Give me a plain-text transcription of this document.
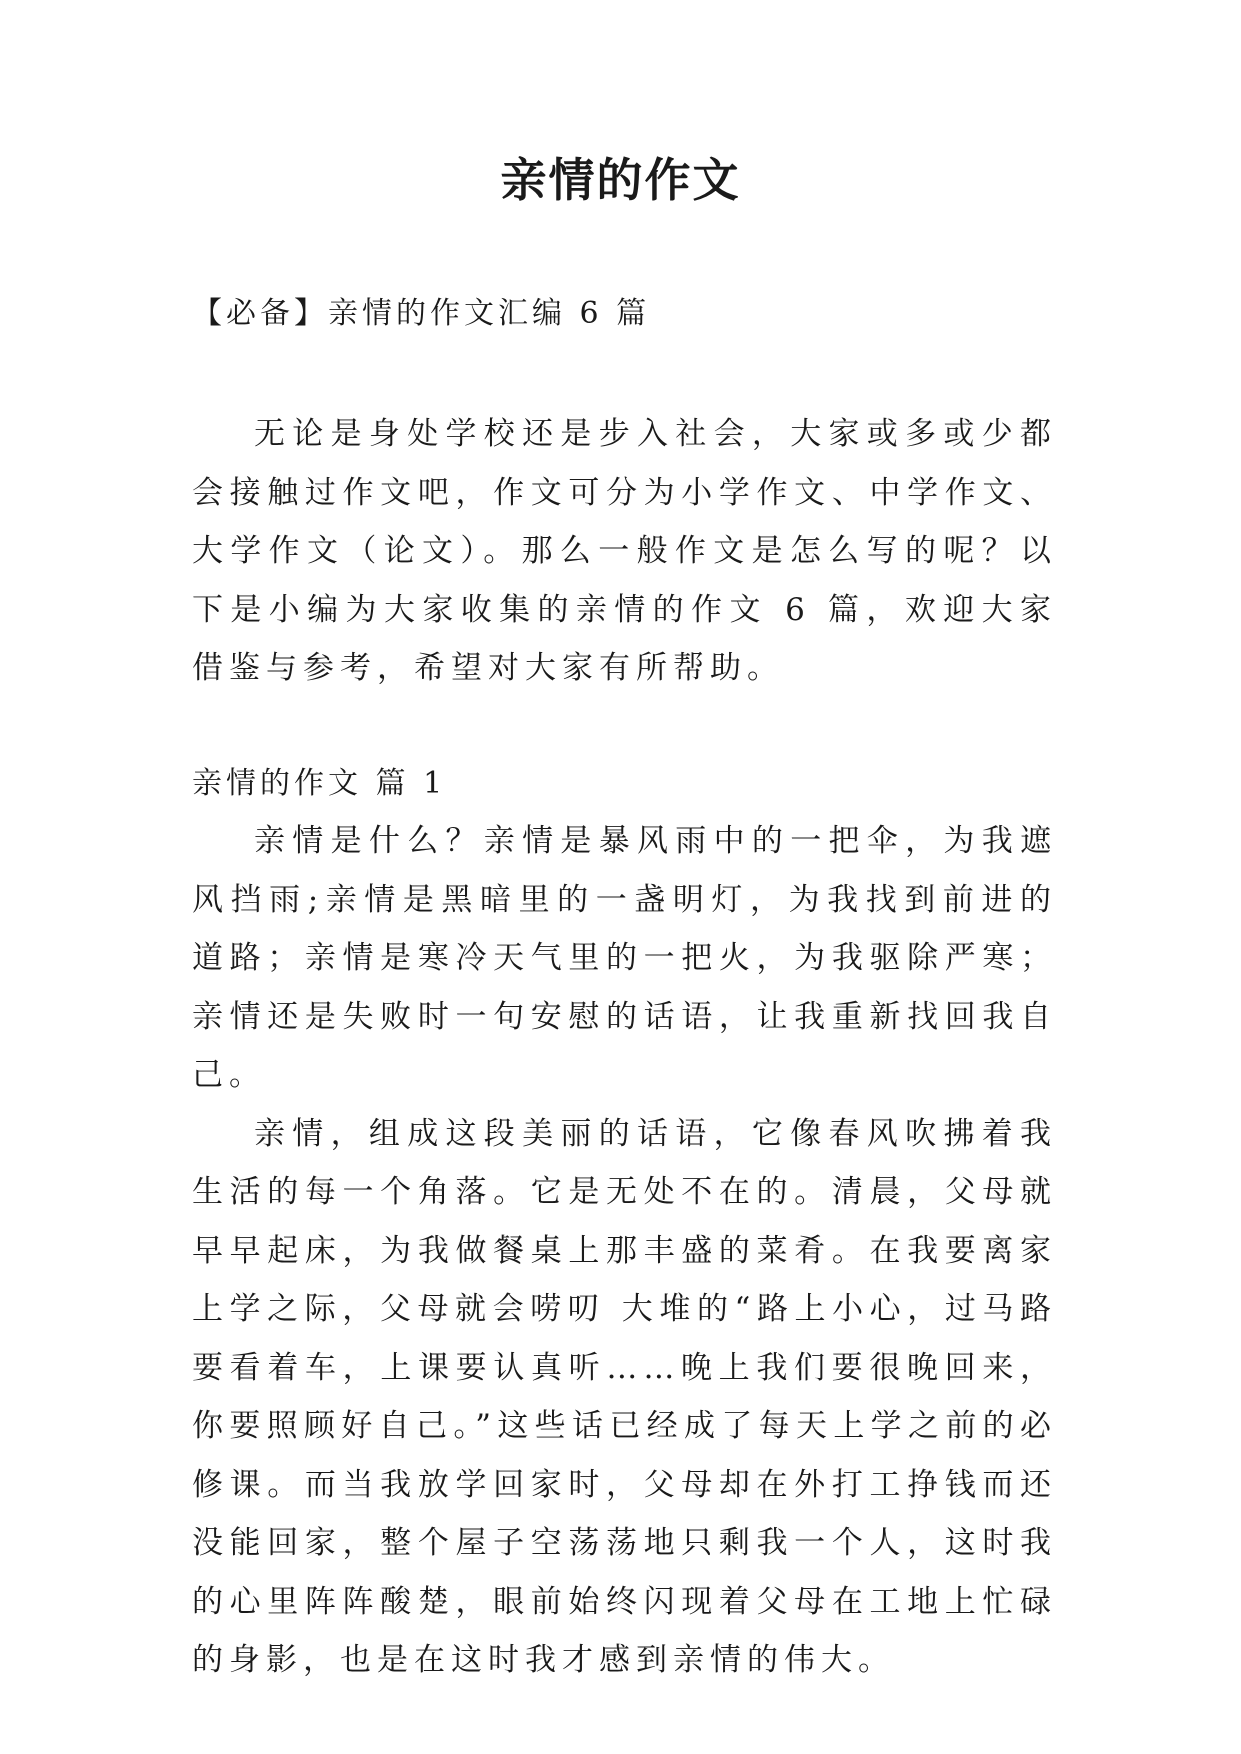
亲情的作文
【必备】亲情的作文汇编 6 篇

无论是身处学校还是步入社会，大家或多或少都会接触过作文吧，作文可分为小学作文、中学作文、大学作文（论文）。那么一般作文是怎么写的呢？以下是小编为大家收集的亲情的作文 6 篇，欢迎大家借鉴与参考，希望对大家有所帮助。

亲情的作文 篇 1

亲情是什么？亲情是暴风雨中的一把伞，为我遮风挡雨;亲情是黑暗里的一盏明灯，为我找到前进的道路；亲情是寒冷天气里的一把火，为我驱除严寒；亲情还是失败时一句安慰的话语，让我重新找回我自己。

亲情，组成这段美丽的话语，它像春风吹拂着我生活的每一个角落。它是无处不在的。清晨，父母就早早起床，为我做餐桌上那丰盛的菜肴。在我要离家上学之际，父母就会唠叨 大堆的“路上小心，过马路要看着车，上课要认真听……晚上我们要很晚回来，你要照顾好自己。”这些话已经成了每天上学之前的必修课。而当我放学回家时，父母却在外打工挣钱而还没能回家，整个屋子空荡荡地只剩我一个人，这时我的心里阵阵酸楚，眼前始终闪现着父母在工地上忙碌的身影，也是在这时我才感到亲情的伟大。
